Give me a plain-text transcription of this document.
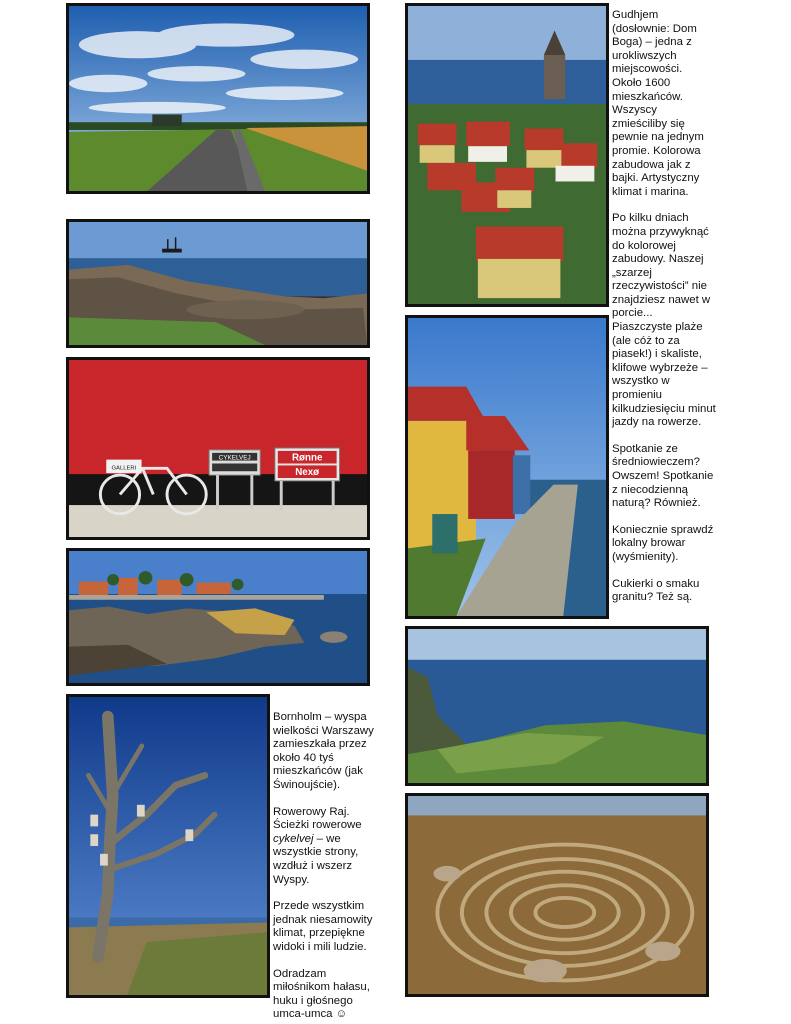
GALLERI
CYKELVEJ	Rønne
Nexø

Gudhjem (dosłownie: Dom Boga) – jedna z urokliwszych miejscowości. Około 1600 mieszkańców. Wszyscy zmieściliby się pewnie na jednym promie. Kolorowa zabudowa jak z bajki. Artystyczny klimat i marina.

Po kilku dniach można przywyknąć do kolorowej zabudowy. Naszej „szarzej rzeczywistości” nie znajdziesz nawet w porcie...

Piaszczyste plaże (ale cóż to za piasek!) i skaliste, klifowe wybrzeże – wszystko w promieniu kilkudziesięciu minut jazdy na rowerze.

Spotkanie ze średniowieczem? Owszem! Spotkanie z niecodzienną naturą? Również.

Koniecznie sprawdź lokalny browar (wyśmienity).

Cukierki o smaku granitu? Też są.

Bornholm – wyspa wielkości Warszawy zamieszkała przez około 40 tyś mieszkańców (jak Świnoujście).

Rowerowy Raj. Ścieżki rowerowe cykelvej – we wszystkie strony, wzdłuż i wszerz Wyspy.

Przede wszystkim jednak niesamowity klimat, przepiękne widoki i mili ludzie.

Odradzam miłośnikom hałasu, huku i głośnego umca-umca ☺
